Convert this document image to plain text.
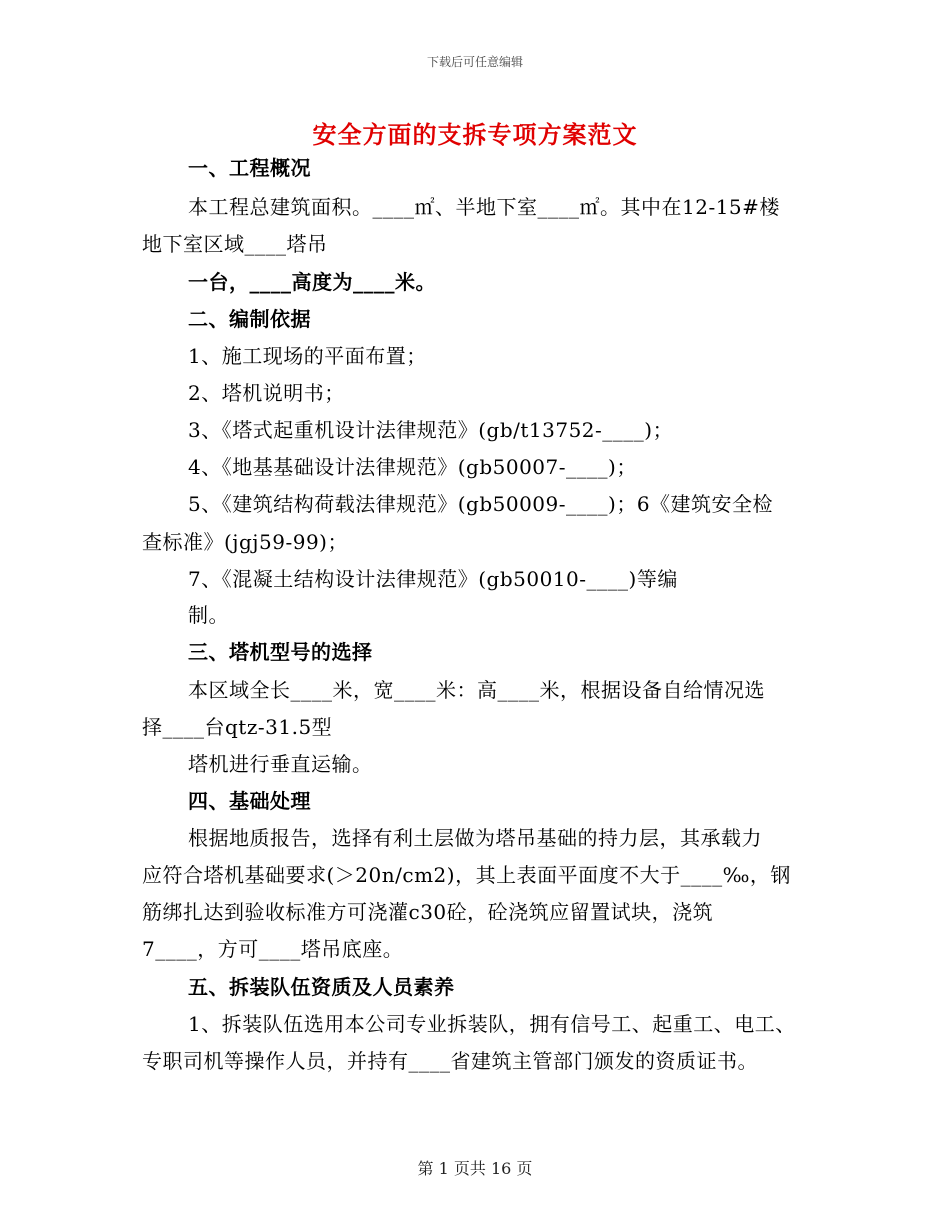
下载后可任意编辑
安全方面的支拆专项方案范文
一、工程概况
本工程总建筑面积。____㎡、半地下室____㎡。其中在12-15#楼
地下室区域____塔吊
一台，____高度为____米。
二、编制依据
1、施工现场的平面布置；
2、塔机说明书；
3、《塔式起重机设计法律规范》(gb/t13752-____)；
4、《地基基础设计法律规范》(gb50007-____)；
5、《建筑结构荷载法律规范》(gb50009-____)；6《建筑安全检
查标准》(jgj59-99)；
7、《混凝土结构设计法律规范》(gb50010-____)等编
制。
三、塔机型号的选择
本区域全长____米，宽____米：高____米，根据设备自给情况选
择____台qtz-31.5型
塔机进行垂直运输。
四、基础处理
根据地质报告，选择有利土层做为塔吊基础的持力层，其承载力
应符合塔机基础要求(＞20n/cm2)，其上表面平面度不大于____‰，钢
筋绑扎达到验收标准方可浇灌c30砼，砼浇筑应留置试块，浇筑
7____，方可____塔吊底座。
五、拆装队伍资质及人员素养
1、拆装队伍选用本公司专业拆装队，拥有信号工、起重工、电工、
专职司机等操作人员，并持有____省建筑主管部门颁发的资质证书。
第 1 页共 16 页
